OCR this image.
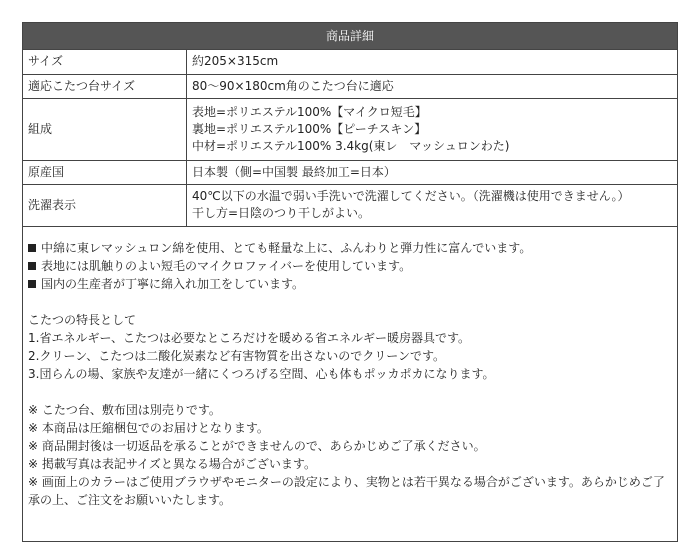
商品詳細
サイズ	約205×315cm

適応こたつ台サイズ	80～90×180cm角のこたつ台に適応

組成	表地=ポリエステル100%【マイクロ短毛】
裏地=ポリエステル100%【ピーチスキン】
中材=ポリエステル100% 3.4kg(東レ　マッシュロンわた)

原産国	日本製（側=中国製 最終加工=日本）

洗濯表示	40℃以下の水温で弱い手洗いで洗濯してください。（洗濯機は使用できません。）
干し方=日陰のつり干しがよい。
中綿に東レマッシュロン綿を使用、とても軽量な上に、ふんわりと弾力性に富んでいます。
表地には肌触りのよい短毛のマイクロファイバーを使用しています。
国内の生産者が丁寧に綿入れ加工をしています。
こたつの特長として
1.省エネルギー、こたつは必要なところだけを暖める省エネルギー暖房器具です。
2.クリーン、こたつは二酸化炭素など有害物質を出さないのでクリーンです。
3.団らんの場、家族や友達が一緒にくつろげる空間、心も体もポッカポカになります。
※ こたつ台、敷布団は別売りです。
※ 本商品は圧縮梱包でのお届けとなります。
※ 商品開封後は一切返品を承ることができませんので、あらかじめご了承ください。
※ 掲載写真は表記サイズと異なる場合がございます。
※ 画面上のカラーはご使用ブラウザやモニターの設定により、実物とは若干異なる場合がございます。あらかじめご了承の上、ご注文をお願いいたします。
